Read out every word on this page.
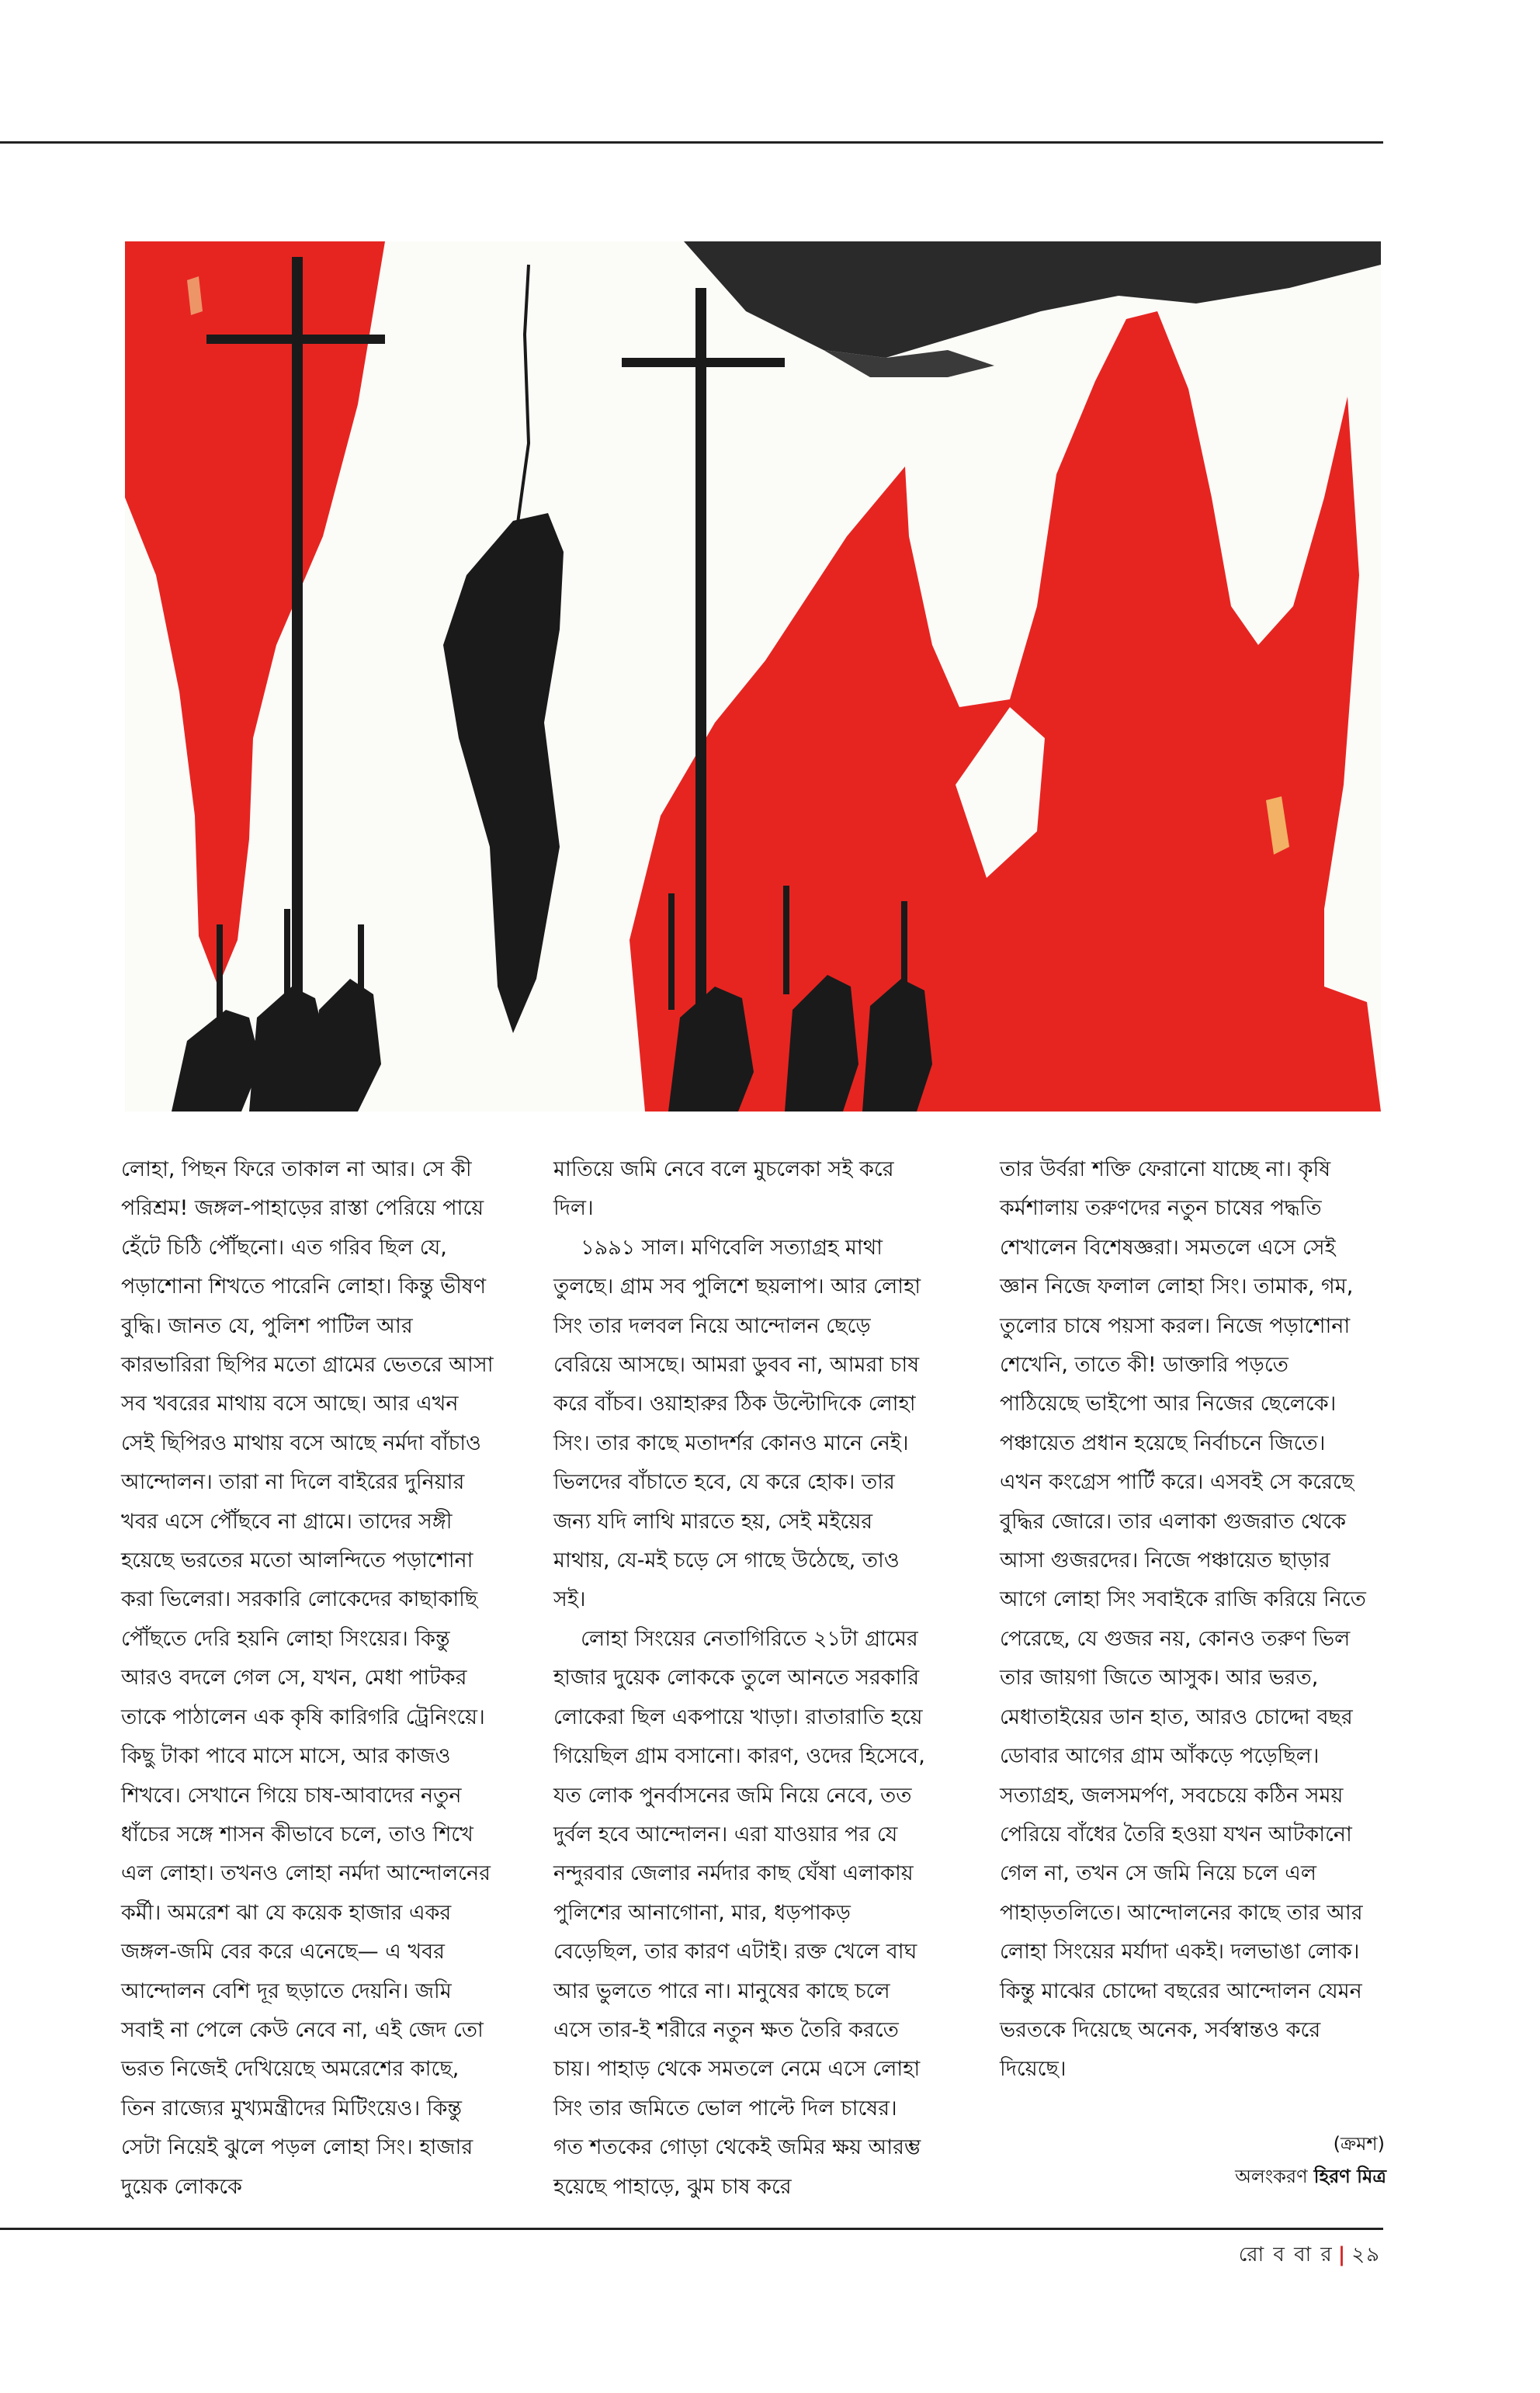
লোহা, পিছন ফিরে তাকাল না আর। সে কী পরিশ্রম! জঙ্গল-পাহাড়ের রাস্তা পেরিয়ে পায়ে হেঁটে চিঠি পৌঁছনো। এত গরিব ছিল যে, পড়াশোনা শিখতে পারেনি লোহা। কিন্তু ভীষণ বুদ্ধি। জানত যে, পুলিশ পাটিল আর কারভারিরা ছিপির মতো গ্রামের ভেতরে আসা সব খবরের মাথায় বসে আছে। আর এখন সেই ছিপিরও মাথায় বসে আছে নর্মদা বাঁচাও আন্দোলন। তারা না দিলে বাইরের দুনিয়ার খবর এসে পৌঁছবে না গ্রামে। তাদের সঙ্গী হয়েছে ভরতের মতো আলন্দিতে পড়াশোনা করা ভিলেরা। সরকারি লোকেদের কাছাকাছি পৌঁছতে দেরি হয়নি লোহা সিংয়ের। কিন্তু আরও বদলে গেল সে, যখন, মেধা পাটকর তাকে পাঠালেন এক কৃষি কারিগরি ট্রেনিংয়ে। কিছু টাকা পাবে মাসে মাসে, আর কাজও শিখবে। সেখানে গিয়ে চাষ-আবাদের নতুন ধাঁচের সঙ্গে শাসন কীভাবে চলে, তাও শিখে এল লোহা। তখনও লোহা নর্মদা আন্দোলনের কর্মী। অমরেশ ঝা যে কয়েক হাজার একর জঙ্গল-জমি বের করে এনেছে— এ খবর আন্দোলন বেশি দূর ছড়াতে দেয়নি। জমি সবাই না পেলে কেউ নেবে না, এই জেদ তো ভরত নিজেই দেখিয়েছে অমরেশের কাছে, তিন রাজ্যের মুখ্যমন্ত্রীদের মিটিংয়েও। কিন্তু সেটা নিয়েই ঝুলে পড়ল লোহা সিং। হাজার দুয়েক লোককে

মাতিয়ে জমি নেবে বলে মুচলেকা সই করে দিল।

১৯৯১ সাল। মণিবেলি সত্যাগ্রহ মাথা তুলছে। গ্রাম সব পুলিশে ছয়লাপ। আর লোহা সিং তার দলবল নিয়ে আন্দোলন ছেড়ে বেরিয়ে আসছে। আমরা ডুবব না, আমরা চাষ করে বাঁচব। ওয়াহারুর ঠিক উল্টোদিকে লোহা সিং। তার কাছে মতাদর্শর কোনও মানে নেই। ভিলদের বাঁচাতে হবে, যে করে হোক। তার জন্য যদি লাথি মারতে হয়, সেই মইয়ের মাথায়, যে-মই চড়ে সে গাছে উঠেছে, তাও সই।

লোহা সিংয়ের নেতাগিরিতে ২১টা গ্রামের হাজার দুয়েক লোককে তুলে আনতে সরকারি লোকেরা ছিল একপায়ে খাড়া। রাতারাতি হয়ে গিয়েছিল গ্রাম বসানো। কারণ, ওদের হিসেবে, যত লোক পুনর্বাসনের জমি নিয়ে নেবে, তত দুর্বল হবে আন্দোলন। এরা যাওয়ার পর যে নন্দুরবার জেলার নর্মদার কাছ ঘেঁষা এলাকায় পুলিশের আনাগোনা, মার, ধড়পাকড় বেড়েছিল, তার কারণ এটাই। রক্ত খেলে বাঘ আর ভুলতে পারে না। মানুষের কাছে চলে এসে তার-ই শরীরে নতুন ক্ষত তৈরি করতে চায়। পাহাড় থেকে সমতলে নেমে এসে লোহা সিং তার জমিতে ভোল পাল্টে দিল চাষের। গত শতকের গোড়া থেকেই জমির ক্ষয় আরম্ভ হয়েছে পাহাড়ে, ঝুম চাষ করে

তার উর্বরা শক্তি ফেরানো যাচ্ছে না। কৃষি কর্মশালায় তরুণদের নতুন চাষের পদ্ধতি শেখালেন বিশেষজ্ঞরা। সমতলে এসে সেই জ্ঞান নিজে ফলাল লোহা সিং। তামাক, গম, তুলোর চাষে পয়সা করল। নিজে পড়াশোনা শেখেনি, তাতে কী! ডাক্তারি পড়তে পাঠিয়েছে ভাইপো আর নিজের ছেলেকে। পঞ্চায়েত প্রধান হয়েছে নির্বাচনে জিতে। এখন কংগ্রেস পার্টি করে। এসবই সে করেছে বুদ্ধির জোরে। তার এলাকা গুজরাত থেকে আসা গুজরদের। নিজে পঞ্চায়েত ছাড়ার আগে লোহা সিং সবাইকে রাজি করিয়ে নিতে পেরেছে, যে গুজর নয়, কোনও তরুণ ভিল তার জায়গা জিতে আসুক। আর ভরত, মেধাতাইয়ের ডান হাত, আরও চোদ্দো বছর ডোবার আগের গ্রাম আঁকড়ে পড়েছিল। সত্যাগ্রহ, জলসমর্পণ, সবচেয়ে কঠিন সময় পেরিয়ে বাঁধের তৈরি হওয়া যখন আটকানো গেল না, তখন সে জমি নিয়ে চলে এল পাহাড়তলিতে। আন্দোলনের কাছে তার আর লোহা সিংয়ের মর্যাদা একই। দলভাঙা লোক। কিন্তু মাঝের চোদ্দো বছরের আন্দোলন যেমন ভরতকে দিয়েছে অনেক, সর্বস্বান্তও করে দিয়েছে।

(ক্রমশ)
অলংকরণ হিরণ মিত্র
রো ব বা র | ২৯
